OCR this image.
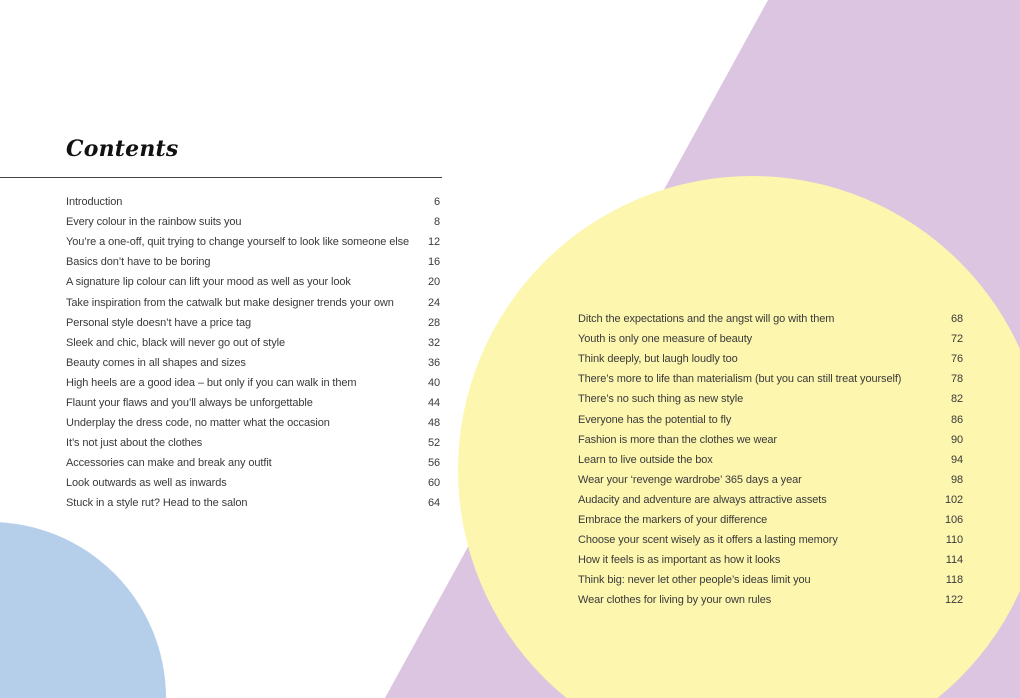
Contents
Introduction	6
Every colour in the rainbow suits you	8
You’re a one-off, quit trying to change yourself to look like someone else 12
Basics don’t have to be boring	16
A signature lip colour can lift your mood as well as your look	20
Take inspiration from the catwalk but make designer trends your own	24
Personal style doesn’t have a price tag	28
Sleek and chic, black will never go out of style	32
Beauty comes in all shapes and sizes	36
High heels are a good idea – but only if you can walk in them	40
Flaunt your flaws and you’ll always be unforgettable	44
Underplay the dress code, no matter what the occasion	48
It’s not just about the clothes	52
Accessories can make and break any outfit	56
Look outwards as well as inwards	60
Stuck in a style rut? Head to the salon	64
Ditch the expectations and the angst will go with them	68
Youth is only one measure of beauty	72
Think deeply, but laugh loudly too	76
There’s more to life than materialism (but you can still treat yourself)	78
There’s no such thing as new style	82
Everyone has the potential to fly	86
Fashion is more than the clothes we wear	90
Learn to live outside the box	94
Wear your ‘revenge wardrobe’ 365 days a year	98
Audacity and adventure are always attractive assets	102
Embrace the markers of your difference	106
Choose your scent wisely as it offers a lasting memory	110
How it feels is as important as how it looks	114
Think big: never let other people’s ideas limit you	118
Wear clothes for living by your own rules	122
